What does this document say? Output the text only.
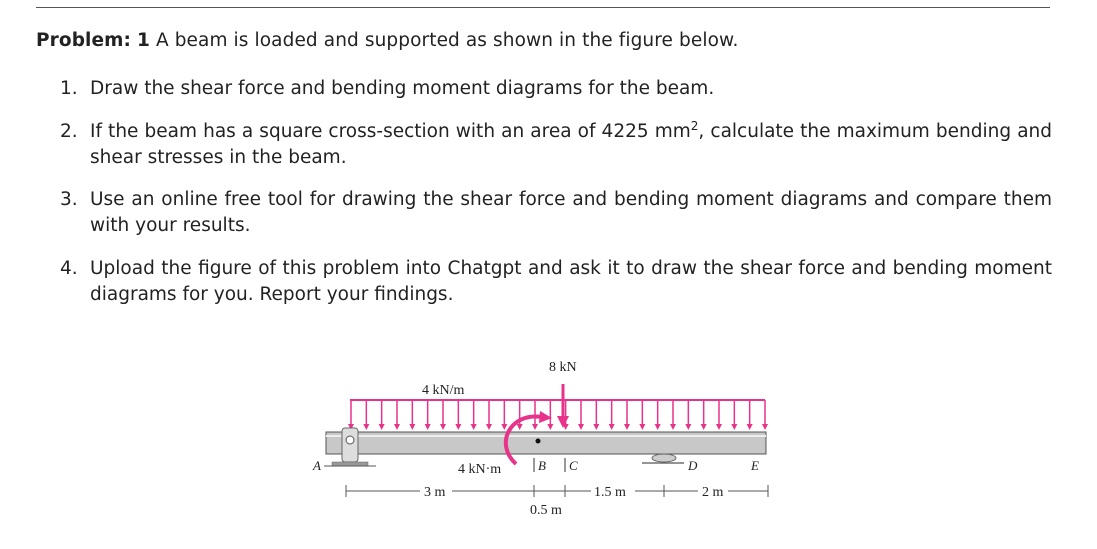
Problem: 1 A beam is loaded and supported as shown in the figure below.
1. Draw the shear force and bending moment diagrams for the beam.
2. If the beam has a square cross-section with an area of 4225 $mm^2$, calculate the maximum bending and shear stresses in the beam.
3. Use an online free tool for drawing the shear force and bending moment diagrams and compare them with your results.
4. Upload the figure of this problem into Chatgpt and ask it to draw the shear force and bending moment diagrams for you. Report your findings.
4 kN/m
8 kN
4 kN·m
A	B C	D	E
3 m
0.5 m
1.5 m	2 m
